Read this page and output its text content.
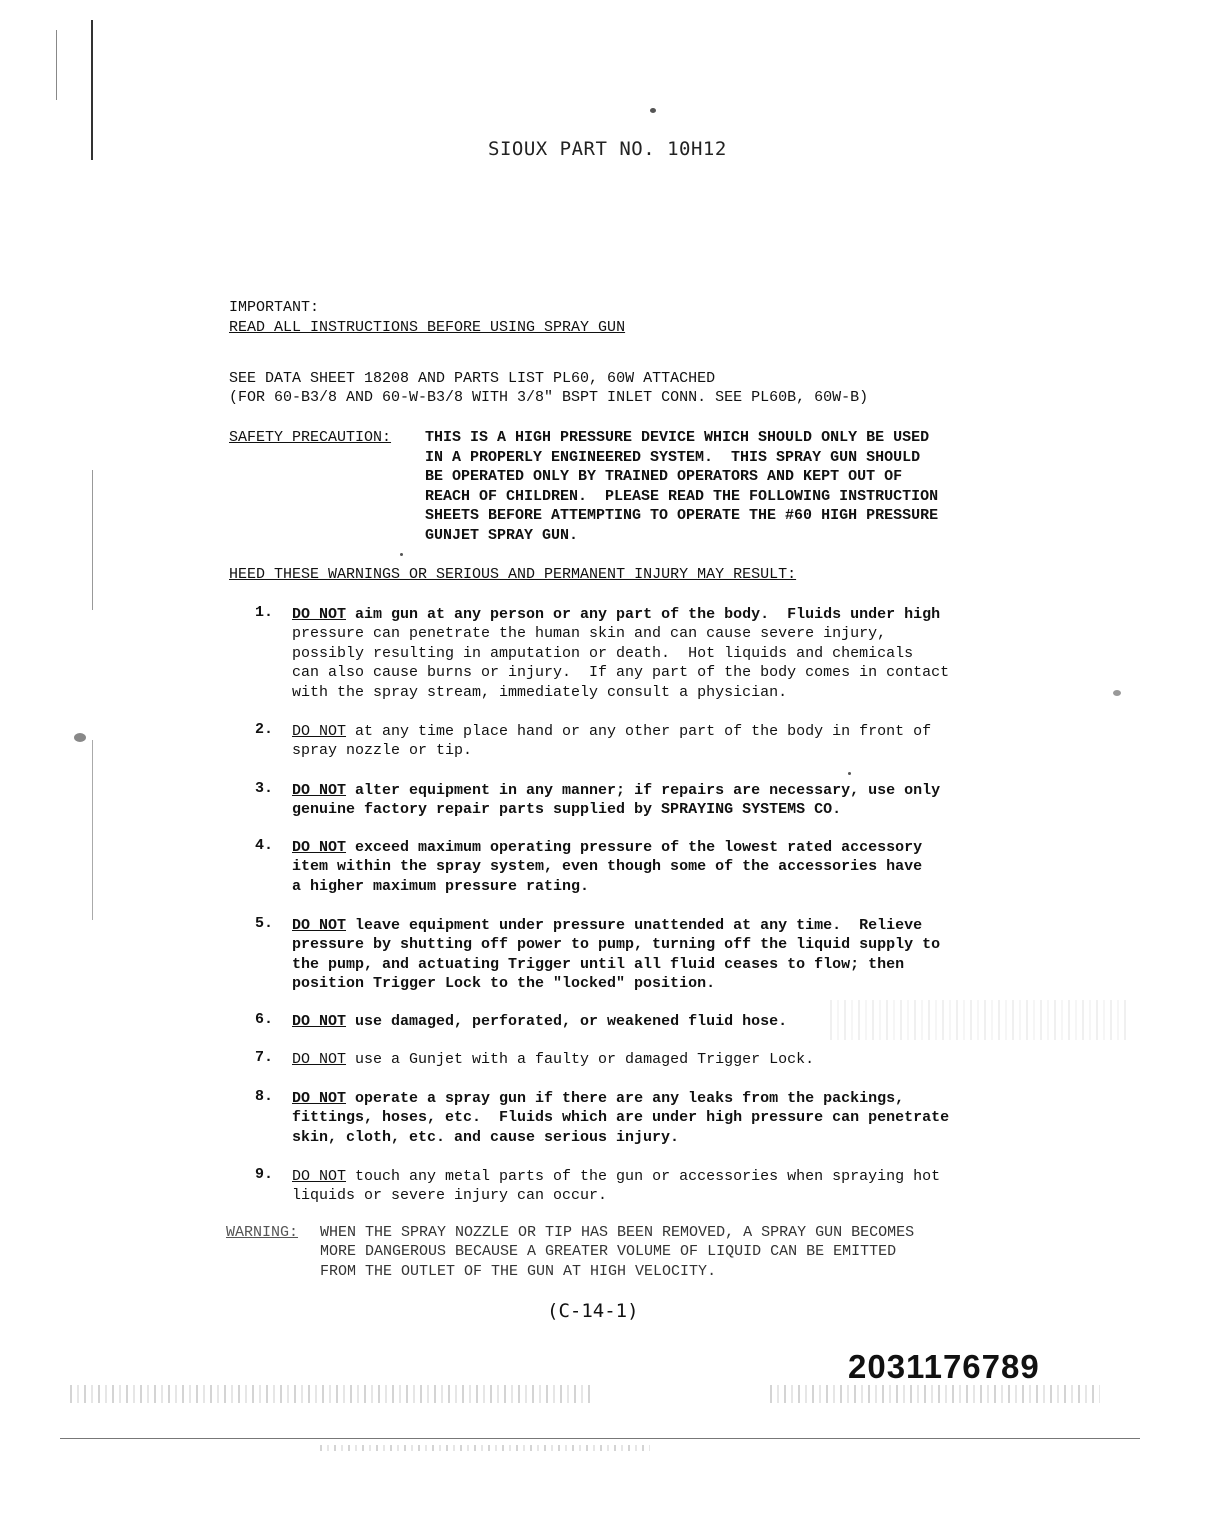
SIOUX PART NO. 10H12
IMPORTANT:
READ ALL INSTRUCTIONS BEFORE USING SPRAY GUN
SEE DATA SHEET 18208 AND PARTS LIST PL60, 60W ATTACHED
(FOR 60-B3/8 AND 60-W-B3/8 WITH 3/8" BSPT INLET CONN. SEE PL60B, 60W-B)
SAFETY PRECAUTION: THIS IS A HIGH PRESSURE DEVICE WHICH SHOULD ONLY BE USED
IN A PROPERLY ENGINEERED SYSTEM.  THIS SPRAY GUN SHOULD
BE OPERATED ONLY BY TRAINED OPERATORS AND KEPT OUT OF
REACH OF CHILDREN.  PLEASE READ THE FOLLOWING INSTRUCTION
SHEETS BEFORE ATTEMPTING TO OPERATE THE #60 HIGH PRESSURE
GUNJET SPRAY GUN.
HEED THESE WARNINGS OR SERIOUS AND PERMANENT INJURY MAY RESULT:
1. DO NOT aim gun at any person or any part of the body.  Fluids under high
pressure can penetrate the human skin and can cause severe injury,
possibly resulting in amputation or death.  Hot liquids and chemicals
can also cause burns or injury.  If any part of the body comes in contact
with the spray stream, immediately consult a physician.
2. DO NOT at any time place hand or any other part of the body in front of
spray nozzle or tip.
3. DO NOT alter equipment in any manner; if repairs are necessary, use only
genuine factory repair parts supplied by SPRAYING SYSTEMS CO.
4. DO NOT exceed maximum operating pressure of the lowest rated accessory
item within the spray system, even though some of the accessories have
a higher maximum pressure rating.
5. DO NOT leave equipment under pressure unattended at any time.  Relieve
pressure by shutting off power to pump, turning off the liquid supply to
the pump, and actuating Trigger until all fluid ceases to flow; then
position Trigger Lock to the "locked" position.
6. DO NOT use damaged, perforated, or weakened fluid hose.
7. DO NOT use a Gunjet with a faulty or damaged Trigger Lock.
8. DO NOT operate a spray gun if there are any leaks from the packings,
fittings, hoses, etc.  Fluids which are under high pressure can penetrate
skin, cloth, etc. and cause serious injury.
9. DO NOT touch any metal parts of the gun or accessories when spraying hot
liquids or severe injury can occur.
WARNING: WHEN THE SPRAY NOZZLE OR TIP HAS BEEN REMOVED, A SPRAY GUN BECOMES
MORE DANGEROUS BECAUSE A GREATER VOLUME OF LIQUID CAN BE EMITTED
FROM THE OUTLET OF THE GUN AT HIGH VELOCITY.
(C-14-1)
2031176789
